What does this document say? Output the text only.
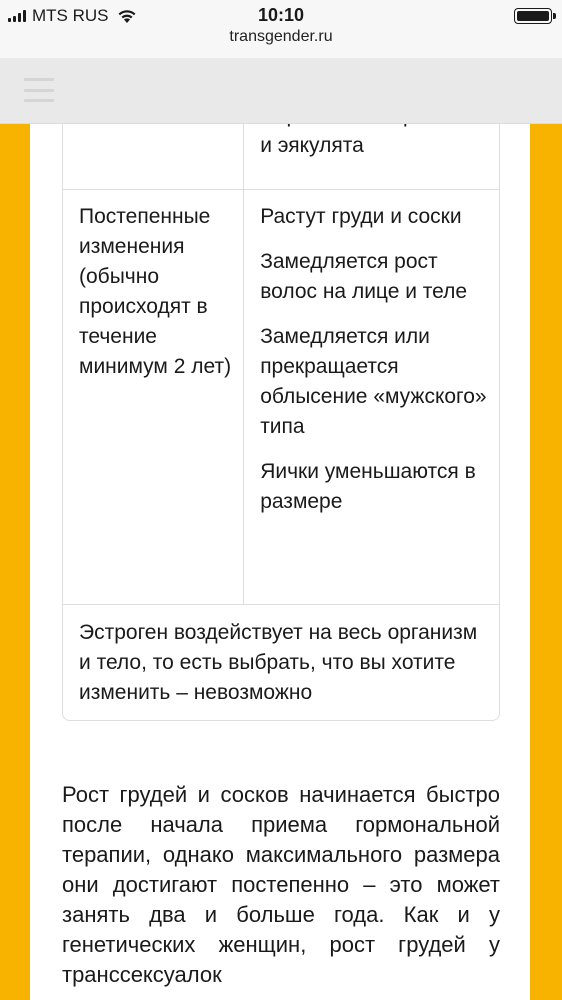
MTS RUS	10:10
transgender.ru
и эякулята
Постепенные изменения (обычно происходят в течение минимум 2 лет)

Растут груди и соски

Замедляется рост волос на лице и теле

Замедляется или прекращается облысение «мужского» типа

Яички уменьшаются в размере

Эстроген воздействует на весь организм и тело, то есть выбрать, что вы хотите изменить – невозможно
Рост грудей и сосков начинается быстро после начала приема гормональной терапии, однако максимального размера они достигают постепенно – это может занять два и больше года. Как и у генетических женщин, рост грудей у транссексуалок
